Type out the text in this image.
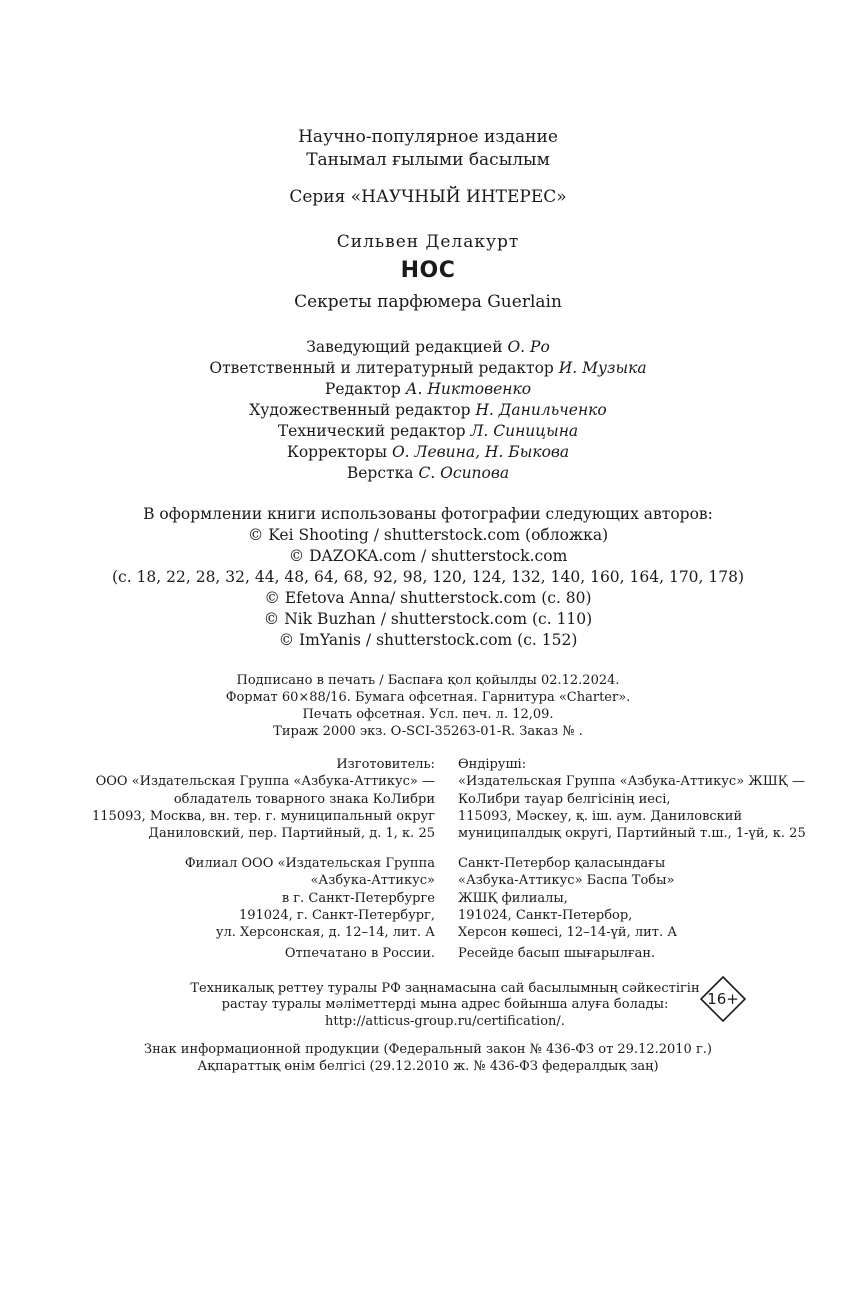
Научно-популярное издание
Танымал ғылыми басылым
Серия «НАУЧНЫЙ ИНТЕРЕС»
Сильвен Делакурт
НОС
Секреты парфюмера Guerlain
Заведующий редакцией О. Ро
Ответственный и литературный редактор И. Музыка
Редактор А. Никтовенко
Художественный редактор Н. Данильченко
Технический редактор Л. Синицына
Корректоры О. Левина, Н. Быкова
Верстка С. Осипова
В оформлении книги использованы фотографии следующих авторов:
© Kei Shooting / shutterstock.com (обложка)
© DAZOKA.com / shutterstock.com
(с. 18, 22, 28, 32, 44, 48, 64, 68, 92, 98, 120, 124, 132, 140, 160, 164, 170, 178)
© Efetova Anna/ shutterstock.com (с. 80)
© Nik Buzhan / shutterstock.com (с. 110)
© ImYanis / shutterstock.com (с. 152)
Подписано в печать / Баспаға қол қойылды 02.12.2024.
Формат 60×88/16. Бумага офсетная. Гарнитура «Charter».
Печать офсетная. Усл. печ. л. 12,09.
Тираж 2000 экз. O-SCI-35263-01-R. Заказ № .
Изготовитель:
ООО «Издательская Группа «Азбука-Аттикус» —
обладатель товарного знака КоЛибри
115093, Москва, вн. тер. г. муниципальный округ
Даниловский, пер. Партийный, д. 1, к. 25
Өндіруші:
«Издательская Группа «Азбука-Аттикус» ЖШҚ —
КоЛибри тауар белгісінің иесі,
115093, Мәскеу, қ. іш. аум. Даниловский
муниципалдық округі, Партийный т.ш., 1-үй, к. 25
Филиал ООО «Издательская Группа
«Азбука-Аттикус»
в г. Санкт-Петербурге
191024, г. Санкт-Петербург,
ул. Херсонская, д. 12–14, лит. А
Санкт-Петербор қаласындағы
«Азбука-Аттикус» Баспа Тобы»
ЖШҚ филиалы,
191024, Санкт-Петербор,
Херсон көшесі, 12–14-үй, лит. А
Отпечатано в России. Ресейде басып шығарылған.
Техникалық реттеу туралы РФ заңнамасына сай басылымның сәйкестігін
растау туралы мәліметтерді мына адрес бойынша алуға болады:
http://atticus-group.ru/certification/.
16+
Знак информационной продукции (Федеральный закон № 436-ФЗ от 29.12.2010 г.)
Ақпараттық өнім белгісі (29.12.2010 ж. № 436-ФЗ федералдық заң)
